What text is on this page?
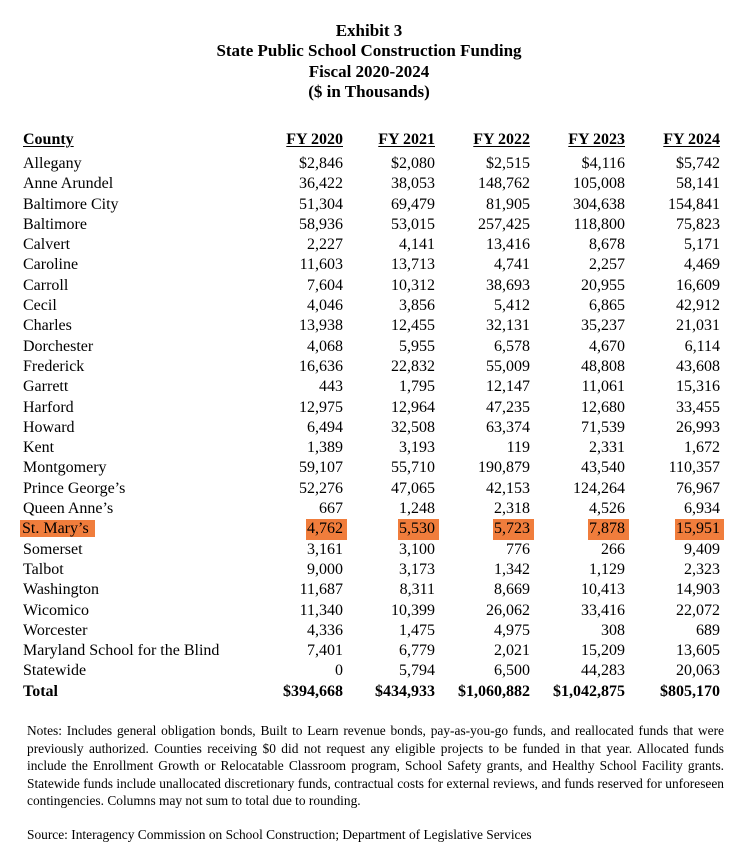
Exhibit 3
State Public School Construction Funding
Fiscal 2020-2024
($ in Thousands)
County	FY 2020	FY 2021	FY 2022	FY 2023	FY 2024
Allegany	$2,846	$2,080	$2,515	$4,116	$5,742
Anne Arundel	36,422	38,053	148,762	105,008	58,141
Baltimore City	51,304	69,479	81,905	304,638	154,841
Baltimore	58,936	53,015	257,425	118,800	75,823
Calvert	2,227	4,141	13,416	8,678	5,171
Caroline	11,603	13,713	4,741	2,257	4,469
Carroll	7,604	10,312	38,693	20,955	16,609
Cecil	4,046	3,856	5,412	6,865	42,912
Charles	13,938	12,455	32,131	35,237	21,031
Dorchester	4,068	5,955	6,578	4,670	6,114
Frederick	16,636	22,832	55,009	48,808	43,608
Garrett	443	1,795	12,147	11,061	15,316
Harford	12,975	12,964	47,235	12,680	33,455
Howard	6,494	32,508	63,374	71,539	26,993
Kent	1,389	3,193	119	2,331	1,672
Montgomery	59,107	55,710	190,879	43,540	110,357
Prince George’s	52,276	47,065	42,153	124,264	76,967
Queen Anne’s	667	1,248	2,318	4,526	6,934
St. Mary’s	4,762	5,530	5,723	7,878	15,951
Somerset	3,161	3,100	776	266	9,409
Talbot	9,000	3,173	1,342	1,129	2,323
Washington	11,687	8,311	8,669	10,413	14,903
Wicomico	11,340	10,399	26,062	33,416	22,072
Worcester	4,336	1,475	4,975	308	689
Maryland School for the Blind	7,401	6,779	2,021	15,209	13,605
Statewide	0	5,794	6,500	44,283	20,063
Total	$394,668	$434,933	$1,060,882	$1,042,875	$805,170
Notes: Includes general obligation bonds, Built to Learn revenue bonds, pay-as-you-go funds, and reallocated funds that were previously authorized. Counties receiving $0 did not request any eligible projects to be funded in that year. Allocated funds include the Enrollment Growth or Relocatable Classroom program, School Safety grants, and Healthy School Facility grants. Statewide funds include unallocated discretionary funds, contractual costs for external reviews, and funds reserved for unforeseen contingencies. Columns may not sum to total due to rounding.
Source: Interagency Commission on School Construction; Department of Legislative Services
